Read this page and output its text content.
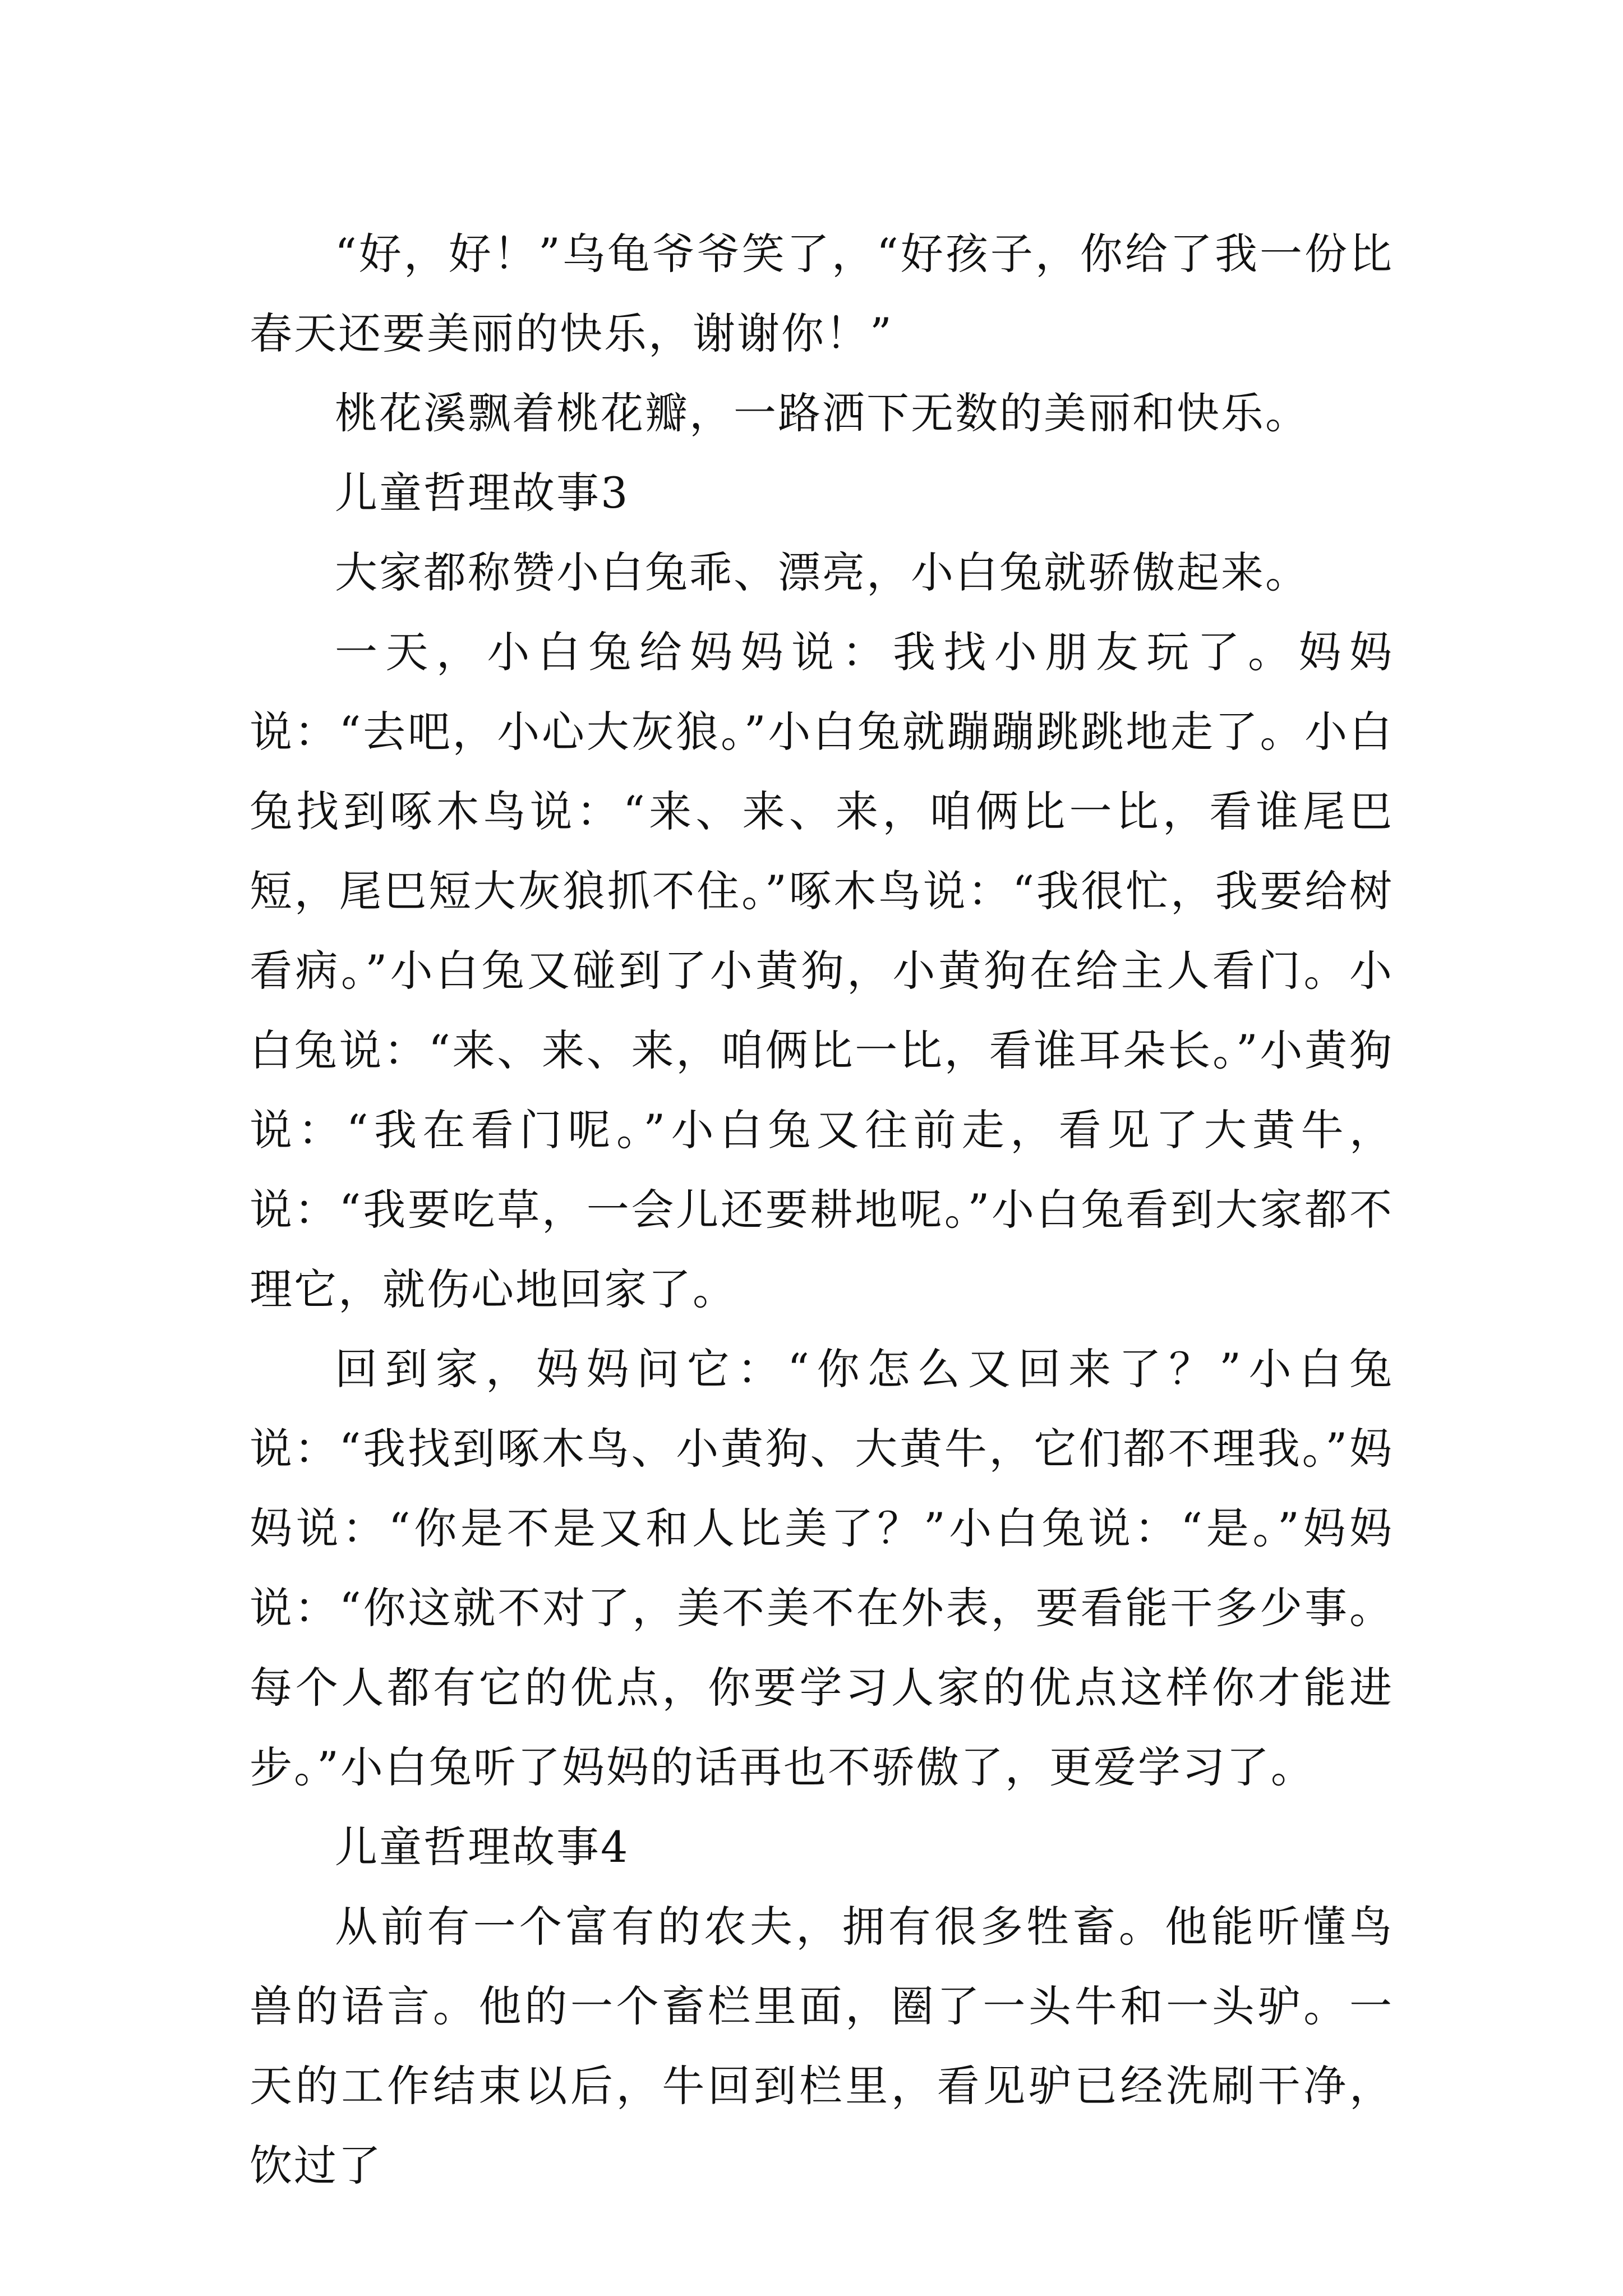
“好，好！”乌龟爷爷笑了，“好孩子，你给了我一份比春天还要美丽的快乐，谢谢你！”

桃花溪飘着桃花瓣，一路洒下无数的美丽和快乐。

儿童哲理故事3

大家都称赞小白兔乖、漂亮，小白兔就骄傲起来。

一天，小白兔给妈妈说：我找小朋友玩了。妈妈说：“去吧，小心大灰狼。”小白兔就蹦蹦跳跳地走了。小白兔找到啄木鸟说：“来、来、来，咱俩比一比，看谁尾巴短，尾巴短大灰狼抓不住。”啄木鸟说：“我很忙，我要给树看病。”小白兔又碰到了小黄狗，小黄狗在给主人看门。小白兔说：“来、来、来，咱俩比一比，看谁耳朵长。”小黄狗说：“我在看门呢。”小白兔又往前走，看见了大黄牛，说：“我要吃草，一会儿还要耕地呢。”小白兔看到大家都不理它，就伤心地回家了。

回到家，妈妈问它：“你怎么又回来了？”小白兔说：“我找到啄木鸟、小黄狗、大黄牛，它们都不理我。”妈妈说：“你是不是又和人比美了？”小白兔说：“是。”妈妈说：“你这就不对了，美不美不在外表，要看能干多少事。每个人都有它的优点，你要学习人家的优点这样你才能进步。”小白兔听了妈妈的话再也不骄傲了，更爱学习了。

儿童哲理故事4

从前有一个富有的农夫，拥有很多牲畜。他能听懂鸟兽的语言。他的一个畜栏里面，圈了一头牛和一头驴。一天的工作结束以后，牛回到栏里，看见驴已经洗刷干净，饮过了
